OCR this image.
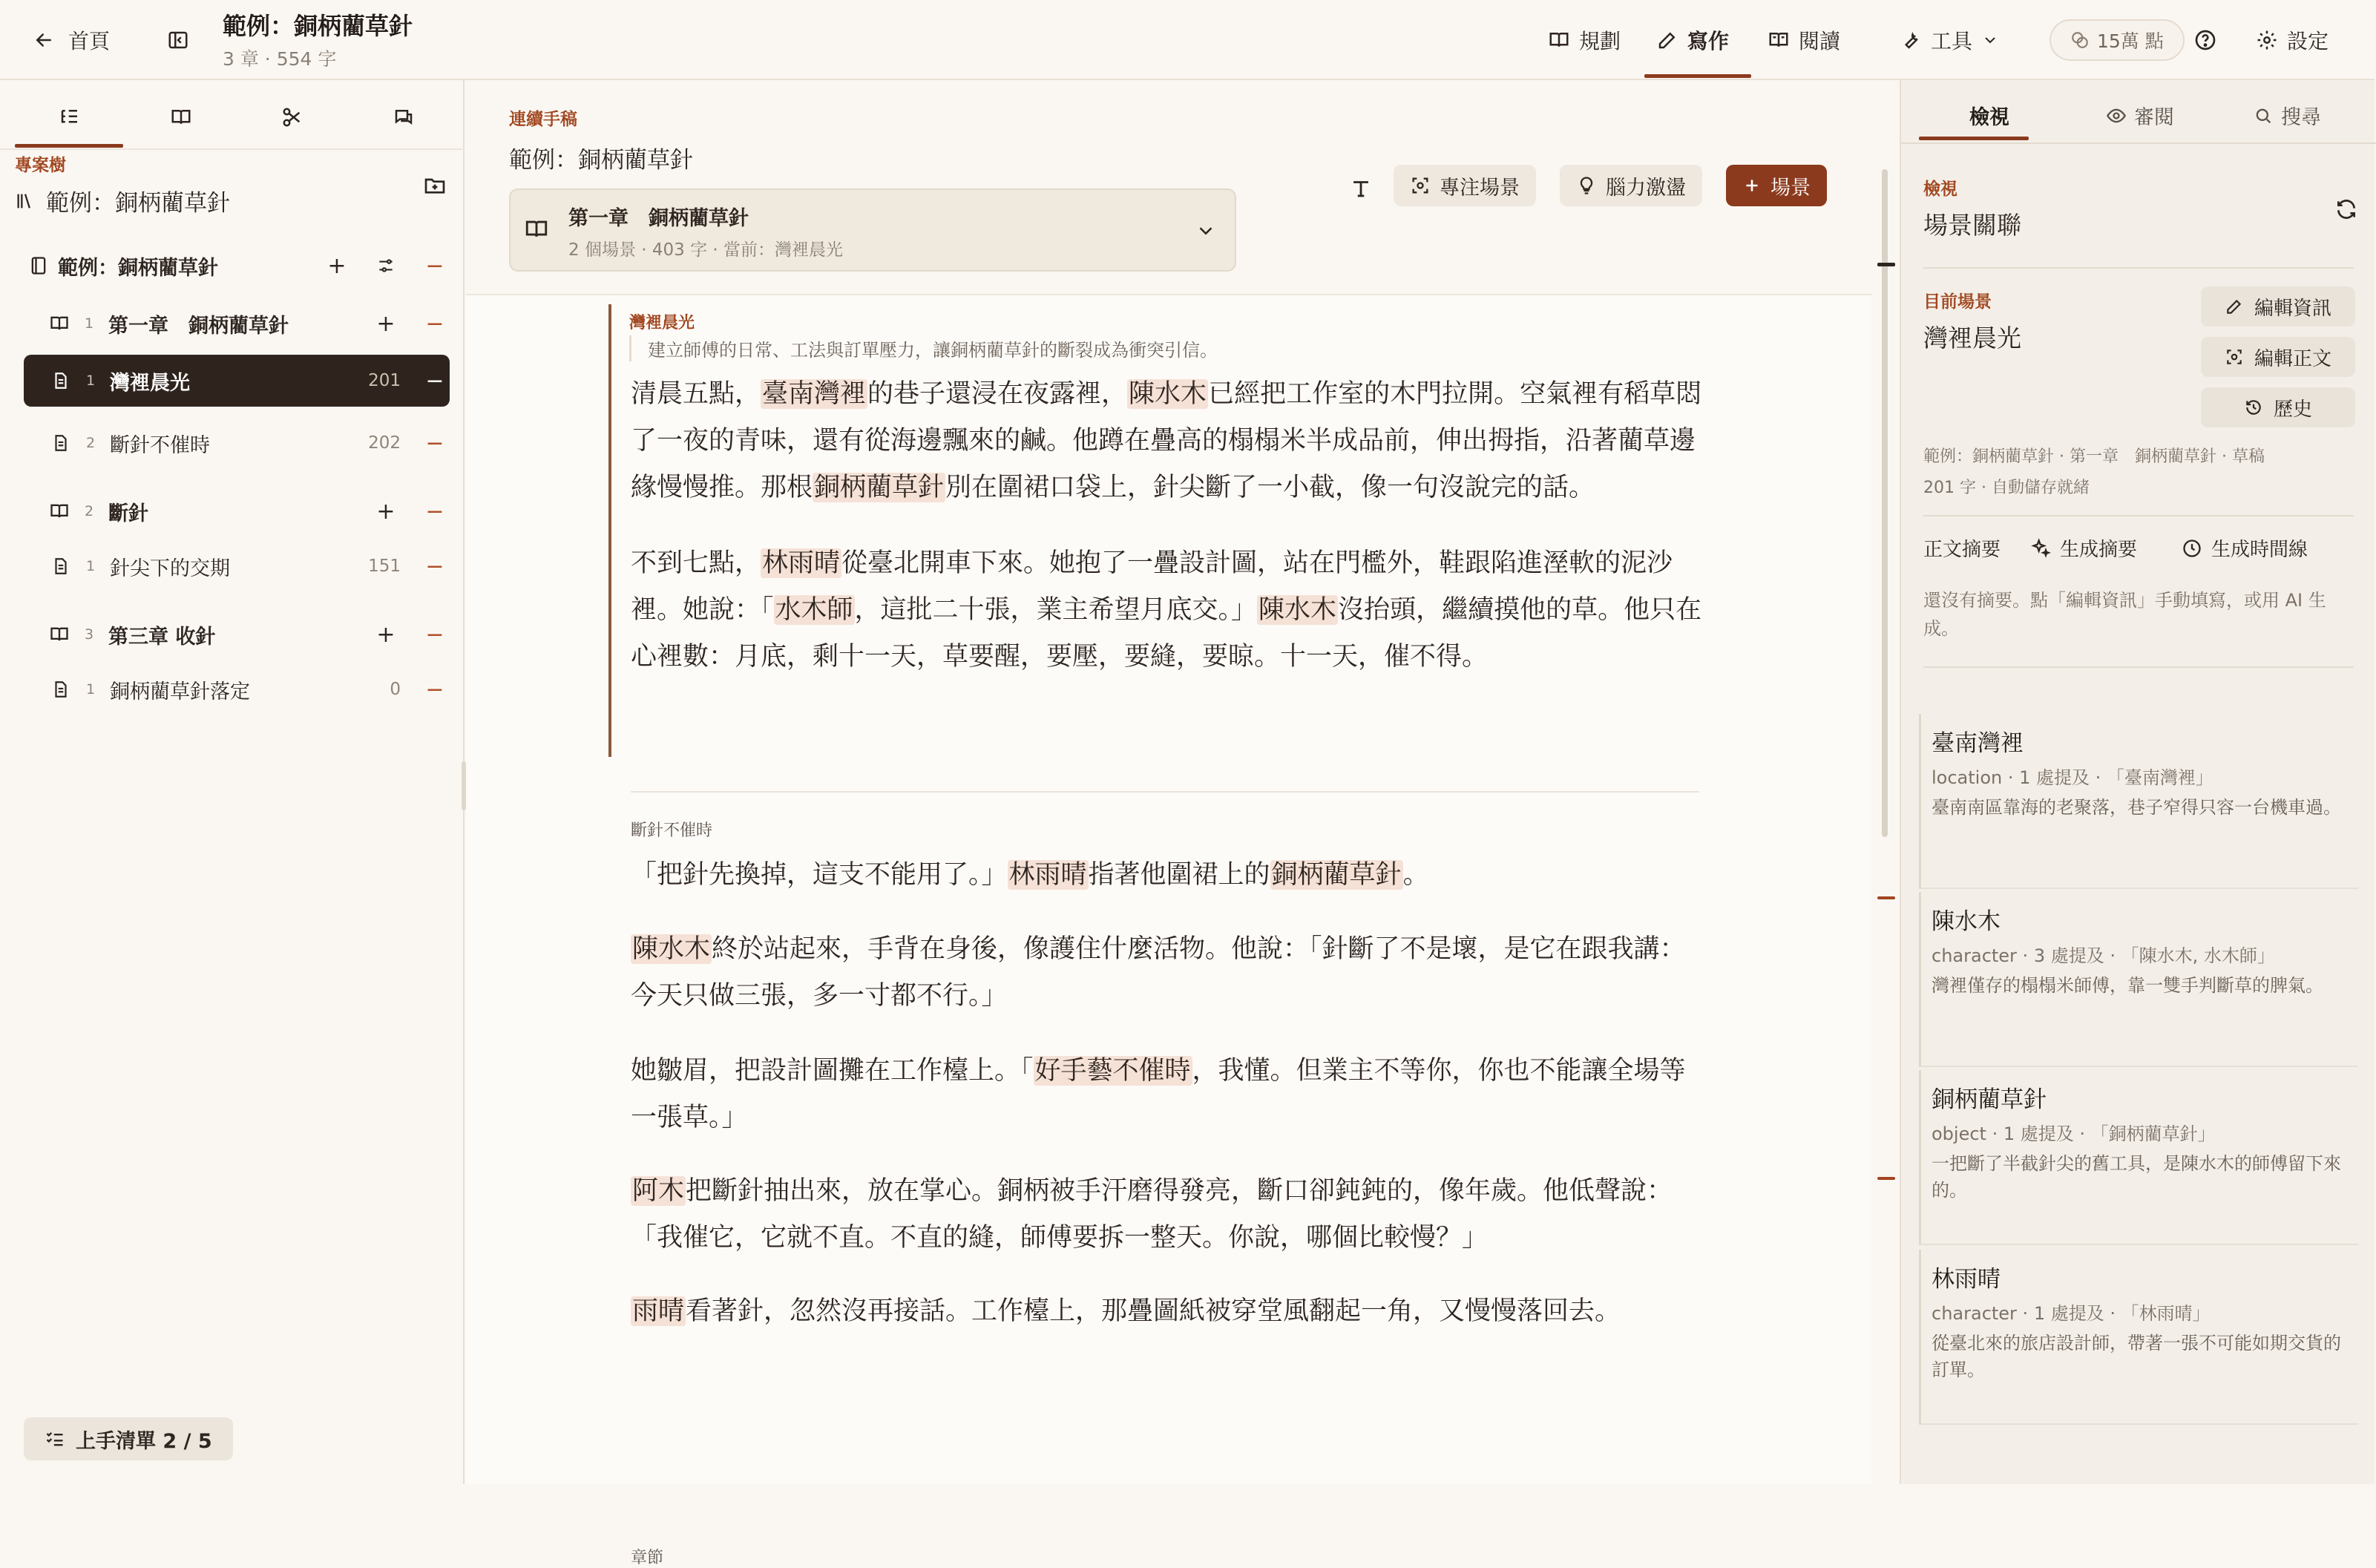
首頁
範例：銅柄藺草針
3 章 · 554 字
規劃	寫作	閱讀	工具	15萬 點	設定
專案樹
範例：銅柄藺草針
範例：銅柄藺草針	+	−
1 第一章　銅柄藺草針	+ −
1 灣裡晨光	201 −
2 斷針不催時	202 −
2 斷針	+ −
1 針尖下的交期	151 −
3 第三章 收針	+ −
1 銅柄藺草針落定	0 −
上手清單 2 / 5
連續手稿
範例：銅柄藺草針
第一章　銅柄藺草針
2 個場景 · 403 字 · 當前：灣裡晨光
專注場景	腦力激盪	場景
灣裡晨光
建立師傅的日常、工法與訂單壓力，讓銅柄藺草針的斷裂成為衝突引信。
清晨五點，臺南灣裡的巷子還浸在夜露裡，陳水木已經把工作室的木門拉開。空氣裡有稻草悶了一夜的青味，還有從海邊飄來的鹹。他蹲在疊高的榻榻米半成品前，伸出拇指，沿著藺草邊緣慢慢推。那根銅柄藺草針別在圍裙口袋上，針尖斷了一小截，像一句沒說完的話。
不到七點，林雨晴從臺北開車下來。她抱了一疊設計圖，站在門檻外，鞋跟陷進溼軟的泥沙裡。她說：「水木師，這批二十張，業主希望月底交。」陳水木沒抬頭，繼續摸他的草。他只在心裡數：月底，剩十一天，草要醒，要壓，要縫，要晾。十一天，催不得。
斷針不催時
「把針先換掉，這支不能用了。」林雨晴指著他圍裙上的銅柄藺草針。
陳水木終於站起來，手背在身後，像護住什麼活物。他說：「針斷了不是壞，是它在跟我講：今天只做三張，多一寸都不行。」
她皺眉，把設計圖攤在工作檯上。「好手藝不催時，我懂。但業主不等你，你也不能讓全場等一張草。」
阿木把斷針抽出來，放在掌心。銅柄被手汗磨得發亮，斷口卻鈍鈍的，像年歲。他低聲說：「我催它，它就不直。不直的縫，師傅要拆一整天。你說，哪個比較慢？」
雨晴看著針，忽然沒再接話。工作檯上，那疊圖紙被穿堂風翻起一角，又慢慢落回去。
章節
檢視	審閱	搜尋
檢視
場景關聯
目前場景
灣裡晨光
編輯資訊
編輯正文
歷史
範例：銅柄藺草針 · 第一章　銅柄藺草針 · 草稿
201 字 · 自動儲存就緒
正文摘要	生成摘要	生成時間線
還沒有摘要。點「編輯資訊」手動填寫，或用 AI 生成。
臺南灣裡
location · 1 處提及 · 「臺南灣裡」
臺南南區靠海的老聚落，巷子窄得只容一台機車過。
陳水木
character · 3 處提及 · 「陳水木, 水木師」
灣裡僅存的榻榻米師傅，靠一雙手判斷草的脾氣。
銅柄藺草針
object · 1 處提及 · 「銅柄藺草針」
一把斷了半截針尖的舊工具，是陳水木的師傅留下來的。
林雨晴
character · 1 處提及 · 「林雨晴」
從臺北來的旅店設計師，帶著一張不可能如期交貨的訂單。
